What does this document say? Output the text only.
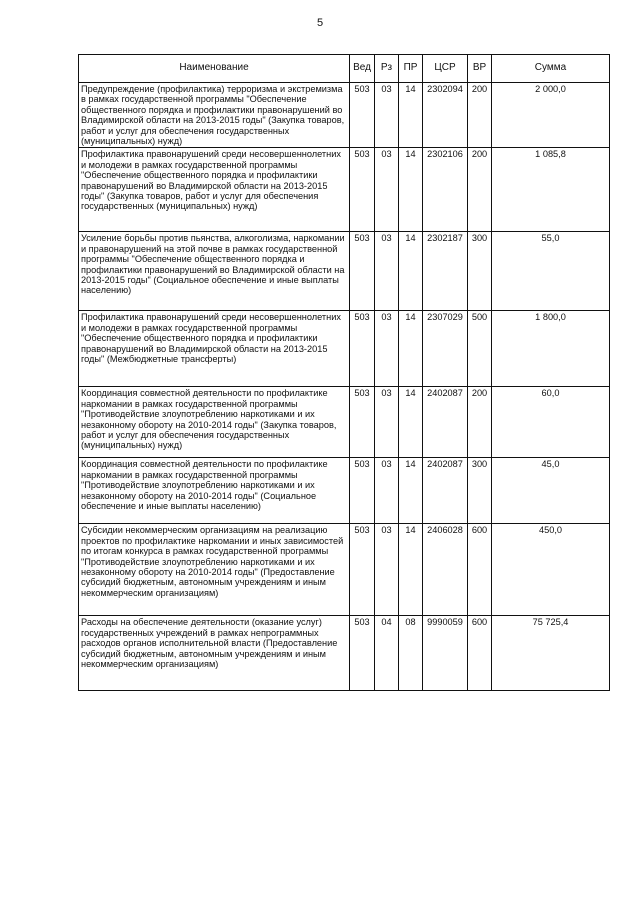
5
Наименование	Вед	Рз	ПР	ЦСР	ВР	Сумма
Предупреждение (профилактика) терроризма и экстремизма в рамках государственной программы "Обеспечение общественного порядка и профилактики правонарушений во Владимирской области на 2013-2015 годы" (Закупка товаров, работ и услуг для обеспечения государственных (муниципальных) нужд)	503	03	14	2302094	200	2 000,0
Профилактика правонарушений среди несовершеннолетних и молодежи в рамках государственной программы "Обеспечение общественного порядка и профилактики правонарушений во Владимирской области на 2013-2015 годы" (Закупка товаров, работ и услуг для обеспечения государственных (муниципальных) нужд)	503	03	14	2302106	200	1 085,8
Усиление борьбы против пьянства, алкоголизма, наркомании и правонарушений на этой почве в рамках государственной программы "Обеспечение общественного порядка и профилактики правонарушений во Владимирской области на 2013-2015 годы" (Социальное обеспечение и иные выплаты населению)	503	03	14	2302187	300	55,0
Профилактика правонарушений среди несовершеннолетних и молодежи в рамках государственной программы "Обеспечение общественного порядка и профилактики правонарушений во Владимирской области на 2013-2015 годы" (Межбюджетные трансферты)	503	03	14	2307029	500	1 800,0
Координация совместной деятельности по профилактике наркомании в рамках государственной программы "Противодействие злоупотреблению наркотиками и их незаконному обороту на 2010-2014 годы" (Закупка товаров, работ и услуг для обеспечения государственных (муниципальных) нужд)	503	03	14	2402087	200	60,0
Координация совместной деятельности по профилактике наркомании в рамках государственной программы "Противодействие злоупотреблению наркотиками и их незаконному обороту на 2010-2014 годы" (Социальное обеспечение и иные выплаты населению)	503	03	14	2402087	300	45,0
Субсидии некоммерческим организациям на реализацию проектов по профилактике наркомании и иных зависимостей по итогам конкурса в рамках государственной программы "Противодействие злоупотреблению наркотиками и их незаконному обороту на 2010-2014 годы" (Предоставление субсидий бюджетным, автономным учреждениям и иным некоммерческим организациям)	503	03	14	2406028	600	450,0
Расходы на обеспечение деятельности (оказание услуг) государственных учреждений в рамках непрограммных расходов органов исполнительной власти (Предоставление субсидий бюджетным, автономным учреждениям и иным некоммерческим организациям)	503	04	08	9990059	600	75 725,4
